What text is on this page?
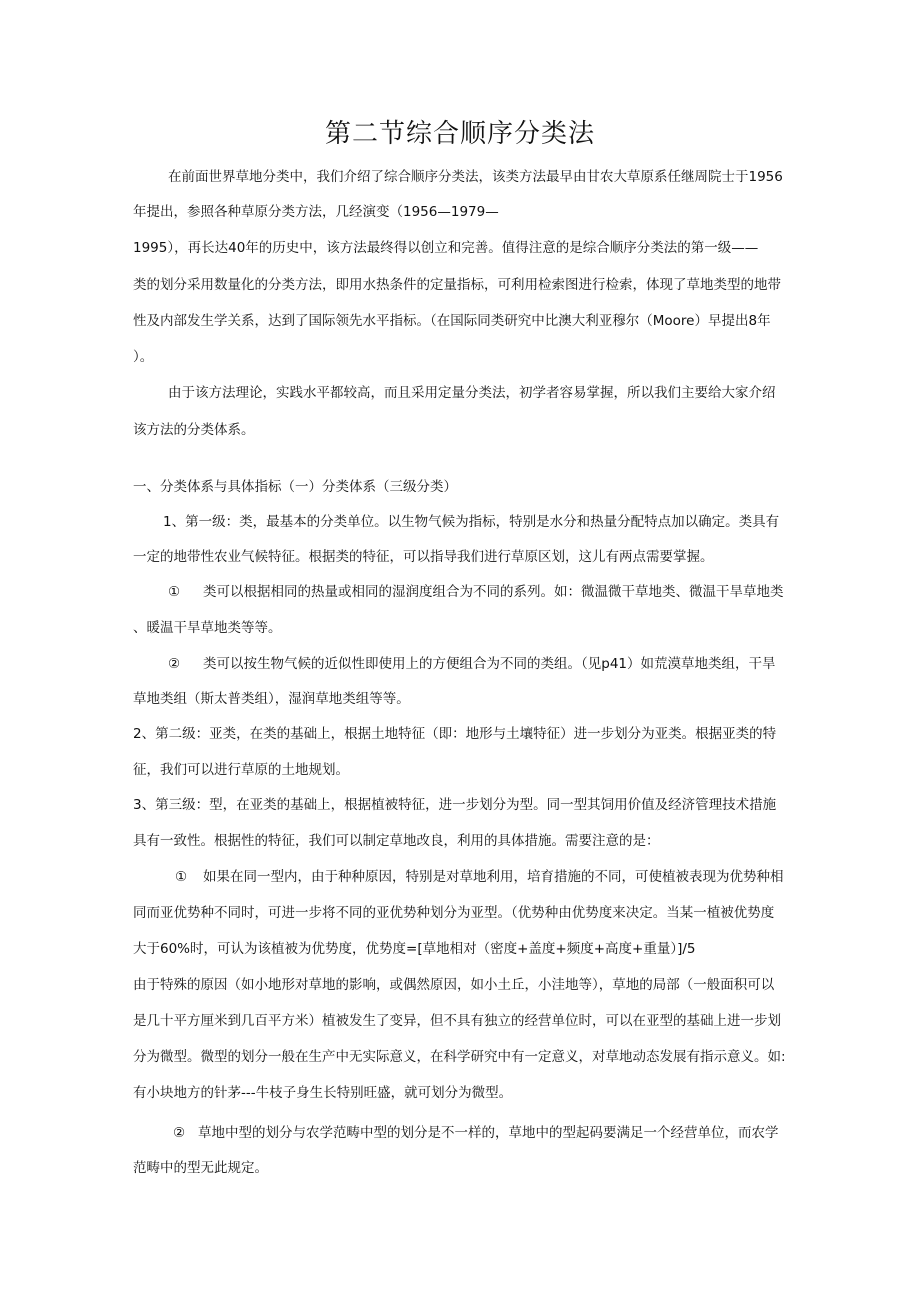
第二节综合顺序分类法
在前面世界草地分类中，我们介绍了综合顺序分类法，该类方法最早由甘农大草原系任继周院士于1956
年提出，参照各种草原分类方法，几经演变（1956—1979—
1995），再长达40年的历史中，该方法最终得以创立和完善。值得注意的是综合顺序分类法的第一级——
类的划分采用数量化的分类方法，即用水热条件的定量指标，可利用检索图进行检索，体现了草地类型的地带
性及内部发生学关系，达到了国际领先水平指标。（在国际同类研究中比澳大利亚穆尔（Moore）早提出8年
）。
由于该方法理论，实践水平都较高，而且采用定量分类法，初学者容易掌握，所以我们主要给大家介绍
该方法的分类体系。
一、分类体系与具体指标（一）分类体系（三级分类）
1、第一级：类，最基本的分类单位。以生物气候为指标，特别是水分和热量分配特点加以确定。类具有
一定的地带性农业气候特征。根据类的特征，可以指导我们进行草原区划，这儿有两点需要掌握。
① 类可以根据相同的热量或相同的湿润度组合为不同的系列。如：微温微干草地类、微温干旱草地类
、暖温干旱草地类等等。
② 类可以按生物气候的近似性即使用上的方便组合为不同的类组。（见p41）如荒漠草地类组，干旱
草地类组（斯太普类组），湿润草地类组等等。
2、第二级：亚类，在类的基础上，根据土地特征（即：地形与土壤特征）进一步划分为亚类。根据亚类的特
征，我们可以进行草原的土地规划。
3、第三级：型，在亚类的基础上，根据植被特征，进一步划分为型。同一型其饲用价值及经济管理技术措施
具有一致性。根据性的特征，我们可以制定草地改良，利用的具体措施。需要注意的是：
① 如果在同一型内，由于种种原因，特别是对草地利用，培育措施的不同，可使植被表现为优势种相
同而亚优势种不同时，可进一步将不同的亚优势种划分为亚型。（优势种由优势度来决定。当某一植被优势度
大于60%时，可认为该植被为优势度，优势度=[草地相对（密度+盖度+频度+高度+重量）]/5
由于特殊的原因（如小地形对草地的影响，或偶然原因，如小土丘，小洼地等），草地的局部（一般面积可以
是几十平方厘米到几百平方米）植被发生了变异，但不具有独立的经营单位时，可以在亚型的基础上进一步划
分为微型。微型的划分一般在生产中无实际意义，在科学研究中有一定意义，对草地动态发展有指示意义。如:
有小块地方的针茅---牛枝子身生长特别旺盛，就可划分为微型。
② 草地中型的划分与农学范畴中型的划分是不一样的，草地中的型起码要满足一个经营单位，而农学
范畴中的型无此规定。
